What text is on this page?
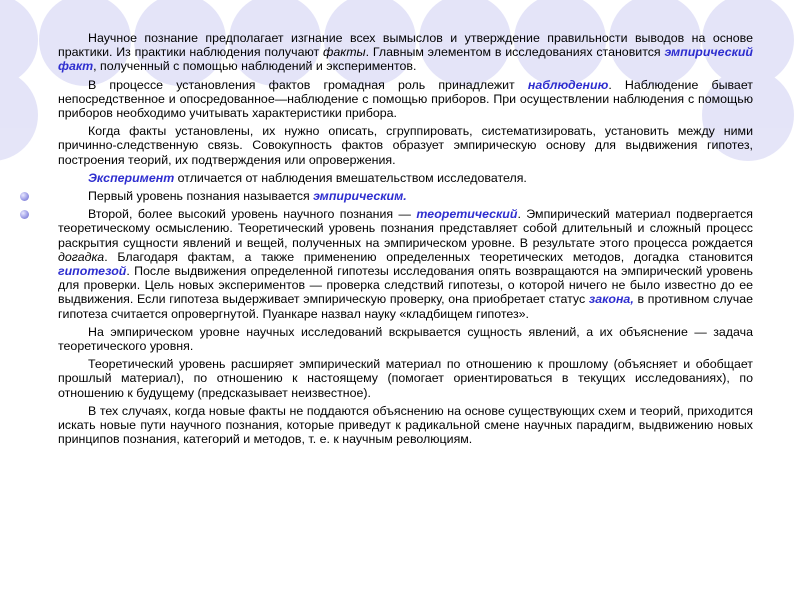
Научное познание предполагает изгнание всех вымыслов и утверждение правильности выводов на основе практики. Из практики наблюдения получают факты. Главным элементом в исследованиях становится эмпирический факт, полученный с помощью наблюдений и экспериментов.

В процессе установления фактов громадная роль принадлежит наблюдению. Наблюдение бывает непосредственное и опосредованное—наблюдение с помощью приборов. При осуществлении наблюдения с помощью приборов необходимо учитывать характеристики прибора.

Когда факты установлены, их нужно описать, сгруппировать, систематизировать, установить между ними причинно-следственную связь. Совокупность фактов образует эмпирическую основу для выдвижения гипотез, построения теорий, их подтверждения или опровержения.

Эксперимент отличается от наблюдения вмешательством исследователя.

Первый уровень познания называется эмпирическим.

Второй, более высокий уровень научного познания — теоретический. Эмпирический материал подвергается теоретическому осмыслению. Теоретический уровень познания представляет собой длительный и сложный процесс раскрытия сущности явлений и вещей, полученных на эмпирическом уровне. В результате этого процесса рождается догадка. Благодаря фактам, а также применению определенных теоретических методов, догадка становится гипотезой. После выдвижения определенной гипотезы исследования опять возвращаются на эмпирический уровень для проверки. Цель новых экспериментов — проверка следствий гипотезы, о которой ничего не было известно до ее выдвижения. Если гипотеза выдерживает эмпирическую проверку, она приобретает статус закона, в противном случае гипотеза считается опровергнутой. Пуанкаре назвал науку «кладбищем гипотез».

На эмпирическом уровне научных исследований вскрывается сущность явлений, а их объяснение — задача теоретического уровня.

Теоретический уровень расширяет эмпирический материал по отношению к прошлому (объясняет и обобщает прошлый материал), по отношению к настоящему (помогает ориентироваться в текущих исследованиях), по отношению к будущему (предсказывает неизвестное).

В тех случаях, когда новые факты не поддаются объяснению на основе существующих схем и теорий, приходится искать новые пути научного познания, которые приведут к радикальной смене научных парадигм, выдвижению новых принципов познания, категорий и методов, т. е. к научным революциям.
